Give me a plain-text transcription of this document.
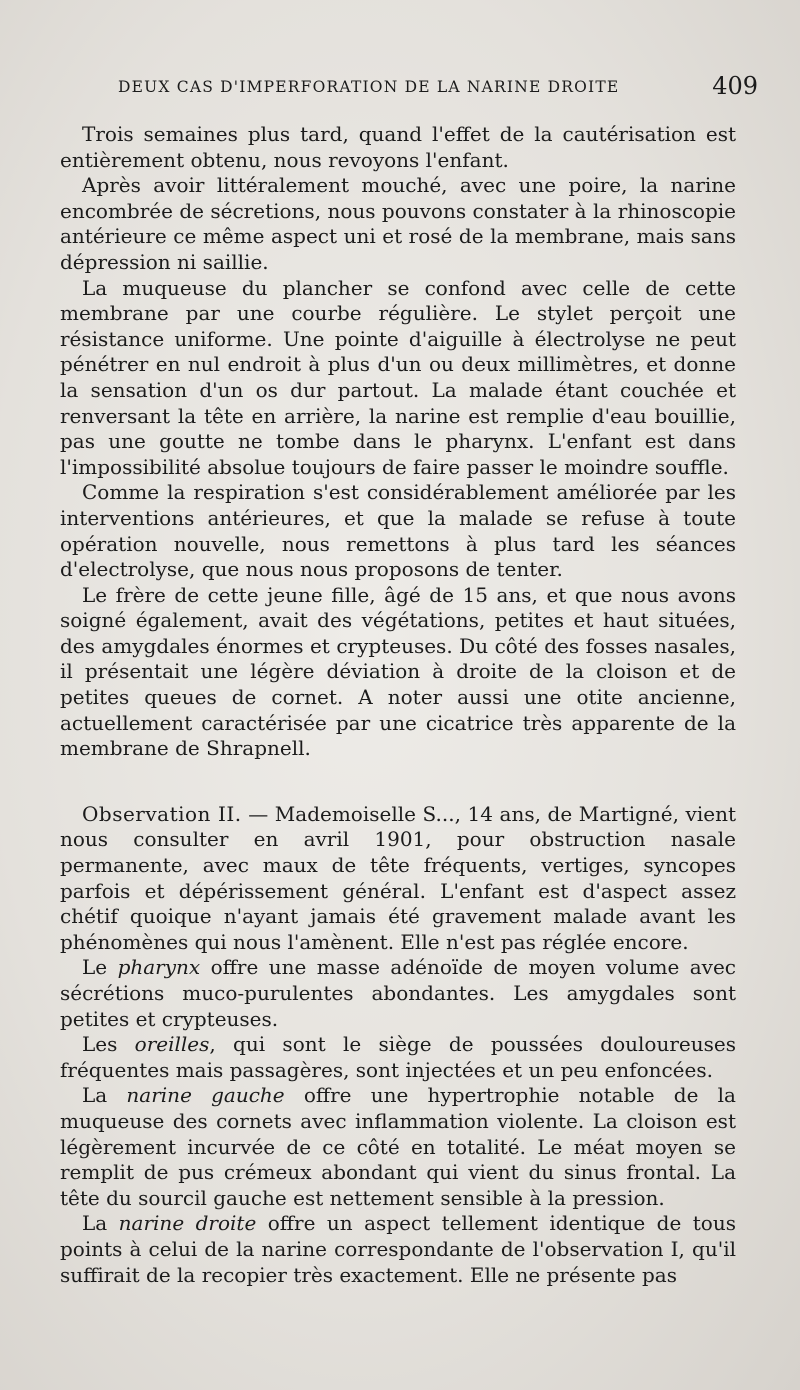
DEUX CAS D'IMPERFORATION DE LA NARINE DROITE	409

Trois semaines plus tard, quand l'effet de la cautérisation est entièrement obtenu, nous revoyons l'enfant.

Après avoir littéralement mouché, avec une poire, la narine encombrée de sécretions, nous pouvons constater à la rhinoscopie antérieure ce même aspect uni et rosé de la membrane, mais sans dépression ni saillie.

La muqueuse du plancher se confond avec celle de cette membrane par une courbe régulière. Le stylet perçoit une résistance uniforme. Une pointe d'aiguille à électrolyse ne peut pénétrer en nul endroit à plus d'un ou deux millimètres, et donne la sensation d'un os dur partout. La malade étant couchée et renversant la tête en arrière, la narine est remplie d'eau bouillie, pas une goutte ne tombe dans le pharynx. L'enfant est dans l'impossibilité absolue toujours de faire passer le moindre souffle.

Comme la respiration s'est considérablement améliorée par les interventions antérieures, et que la malade se refuse à toute opération nouvelle, nous remettons à plus tard les séances d'electrolyse, que nous nous proposons de tenter.

Le frère de cette jeune fille, âgé de 15 ans, et que nous avons soigné également, avait des végétations, petites et haut situées, des amygdales énormes et crypteuses. Du côté des fosses nasales, il présentait une légère déviation à droite de la cloison et de petites queues de cornet. A noter aussi une otite ancienne, actuellement caractérisée par une cicatrice très apparente de la membrane de Shrapnell.

Observation II. — Mademoiselle S..., 14 ans, de Martigné, vient nous consulter en avril 1901, pour obstruction nasale permanente, avec maux de tête fréquents, vertiges, syncopes parfois et dépérissement général. L'enfant est d'aspect assez chétif quoique n'ayant jamais été gravement malade avant les phénomènes qui nous l'amènent. Elle n'est pas réglée encore.

Le pharynx offre une masse adénoïde de moyen volume avec sécrétions muco-purulentes abondantes. Les amygdales sont petites et crypteuses.

Les oreilles, qui sont le siège de poussées douloureuses fréquentes mais passagères, sont injectées et un peu enfoncées.

La narine gauche offre une hypertrophie notable de la muqueuse des cornets avec inflammation violente. La cloison est légèrement incurvée de ce côté en totalité. Le méat moyen se remplit de pus crémeux abondant qui vient du sinus frontal. La tête du sourcil gauche est nettement sensible à la pression.

La narine droite offre un aspect tellement identique de tous points à celui de la narine correspondante de l'observation I, qu'il suffirait de la recopier très exactement. Elle ne présente pas
